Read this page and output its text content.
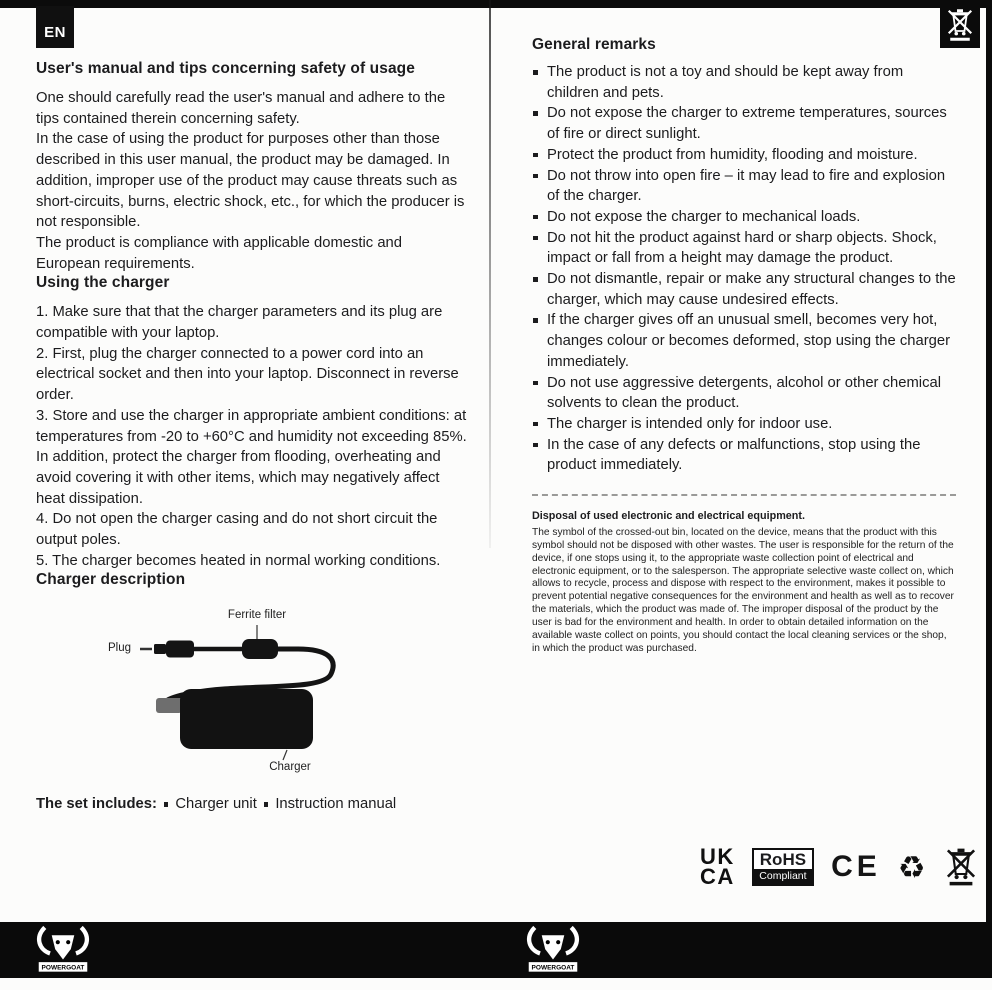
EN
User's manual and tips concerning safety of usage

One should carefully read the user's manual and adhere to the tips contained therein concerning safety.

In the case of using the product for purposes other than those described in this user manual, the product may be damaged. In addition, improper use of the product may cause threats such as short-circuits, burns, electric shock, etc., for which the producer is not responsible.

The product is compliance with applicable domestic and European requirements.

Using the charger

1. Make sure that that the charger parameters and its plug are compatible with your laptop.

2. First, plug the charger connected to a power cord into an electrical socket and then into your laptop. Disconnect in reverse order.

3. Store and use the charger in appropriate ambient conditions: at temperatures from -20 to +60°C and humidity not exceeding 85%. In addition, protect the charger from flooding, overheating and avoid covering it with other items, which may negatively affect heat dissipation.

4. Do not open the charger casing and do not short circuit the output poles.

5. The charger becomes heated in normal working conditions.

Charger description
Ferrite filter
Plug
Charger
The set includes: Charger unit Instruction manual
General remarks
The product is not a toy and should be kept away from children and pets.
Do not expose the charger to extreme temperatures, sources of fire or direct sunlight.
Protect the product from humidity, flooding and moisture.
Do not throw into open fire – it may lead to fire and explosion of the charger.
Do not expose the charger to mechanical loads.
Do not hit the product against hard or sharp objects. Shock, impact or fall from a height may damage the product.
Do not dismantle, repair or make any structural changes to the charger, which may cause undesired effects.
If the charger gives off an unusual smell, becomes very hot, changes colour or becomes deformed, stop using the charger immediately.
Do not use aggressive detergents, alcohol or other chemical solvents to clean the product.
The charger is intended only for indoor use.
In the case of any defects or malfunctions, stop using the product immediately.
Disposal of used electronic and electrical equipment.
The symbol of the crossed-out bin, located on the device, means that the product with this symbol should not be disposed with other wastes. The user is responsible for the return of the device, if one stops using it, to the appropriate waste collection point of electrical and electronic equipment, or to the salesperson. The appropriate selective waste collect on, which allows to recycle, process and dispose with respect to the environment, makes it possible to prevent potential negative consequences for the environment and health as well as to recover the materials, which the product was made of. The improper disposal of the product by the user is bad for the environment and health. In order to obtain detailed information on the available waste collect on points, you should contact the local cleaning services or the shop, in which the product was purchased.
UK
CA
RoHS
Compliant CE ♻
POWERGOAT	POWERGOAT
